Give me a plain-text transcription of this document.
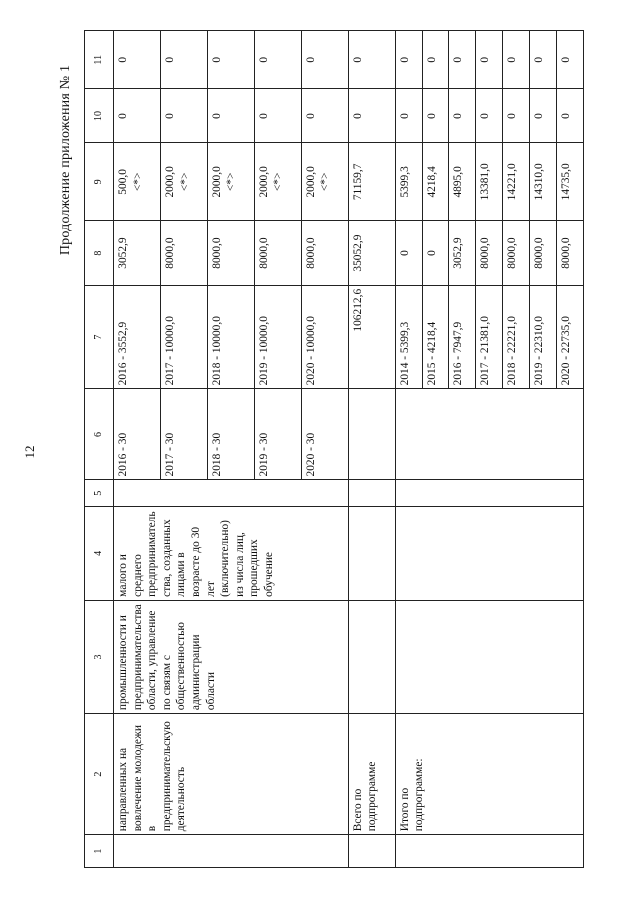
12
Продолжение приложения № 1
1	2	3	4	5	6	7	8	9	10	11
	направленных на вовлечение молодежи в предпринимательскую деятельность	промышленности и предпринимательства области, управление по связям с общественностью администрации области	малого и среднего предпринимательства, созданных лицами в возрасте до 30 лет (включительно) из числа лиц, прошедших обучение		2016 - 30	2016 - 3552,9	3052,9	500,0 <*>	0	0
					2017 - 30	2017 - 10000,0	8000,0	2000,0 <*>	0	0
					2018 - 30	2018 - 10000,0	8000,0	2000,0 <*>	0	0
					2019 - 30	2019 - 10000,0	8000,0	2000,0 <*>	0	0
					2020 - 30	2020 - 10000,0	8000,0	2000,0 <*>	0	0
	Всего по подпрограмме					106212,6	35052,9	71159,7	0	0
	Итого по подпрограмме:					2014 - 5399,3	0	5399,3	0	0
						2015 - 4218,4	0	4218,4	0	0
						2016 - 7947,9	3052,9	4895,0	0	0
						2017 - 21381,0	8000,0	13381,0	0	0
						2018 - 22221,0	8000,0	14221,0	0	0
						2019 - 22310,0	8000,0	14310,0	0	0
						2020 - 22735,0	8000,0	14735,0	0	0
